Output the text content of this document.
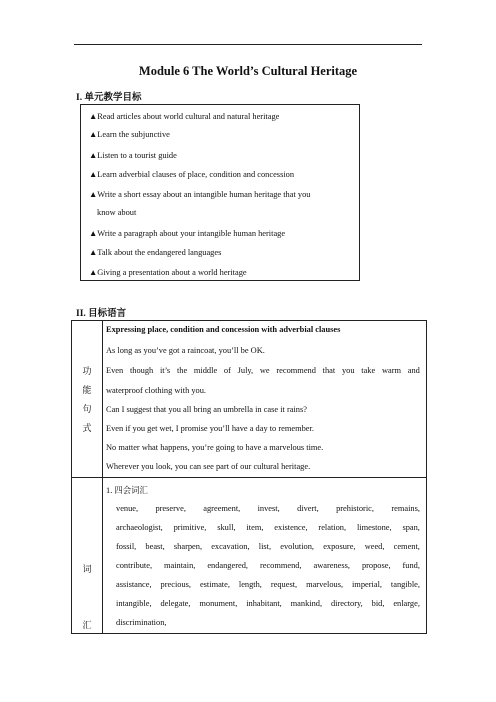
Module 6 The World’s Cultural Heritage
I. 单元教学目标
▲Read articles about world cultural and natural heritage
▲Learn the subjunctive
▲Listen to a tourist guide
▲Learn adverbial clauses of place, condition and concession
▲Write a short essay about an intangible human heritage that you
know about
▲Write a paragraph about your intangible human heritage
▲Talk about the endangered languages
▲Giving a presentation about a world heritage
II. 目标语言
功
能
句
式
Expressing place, condition and concession with adverbial clauses
As long as you’ve got a raincoat, you’ll be OK.
Even though it’s the middle of July, we recommend that you take warm and
waterproof clothing with you.
Can I suggest that you all bring an umbrella in case it rains?
Even if you get wet, I promise you’ll have a day to remember.
No matter what happens, you’re going to have a marvelous time.
Wherever you look, you can see part of our cultural heritage.
词
汇
1. 四会词汇
venue, preserve, agreement, invest, divert, prehistoric, remains,
archaeologist, primitive, skull, item, existence, relation, limestone, span,
fossil, beast, sharpen, excavation, list, evolution, exposure, weed, cement,
contribute, maintain, endangered, recommend, awareness, propose, fund,
assistance, precious, estimate, length, request, marvelous, imperial, tangible,
intangible, delegate, monument, inhabitant, mankind, directory, bid, enlarge,
discrimination,
